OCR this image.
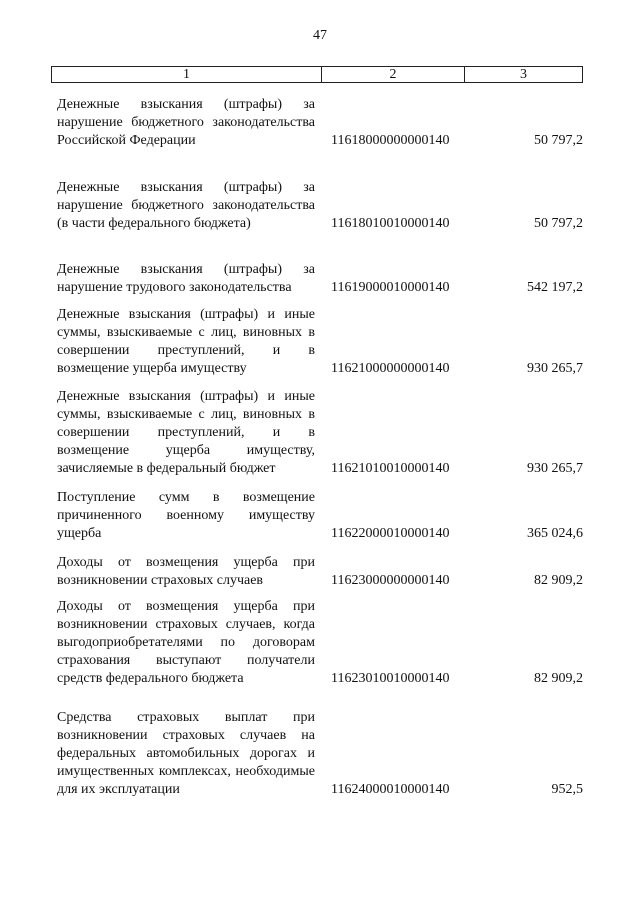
47
1	2	3
Денежные взыскания (штрафы) за нарушение бюджетного законодательства Российской Федерации	11618000000000140	50 797,2
Денежные взыскания (штрафы) за нарушение бюджетного законодательства (в части федерального бюджета)	11618010010000140	50 797,2
Денежные взыскания (штрафы) за нарушение трудового законодательства	11619000010000140	542 197,2
Денежные взыскания (штрафы) и иные суммы, взыскиваемые с лиц, виновных в совершении преступлений, и в возмещение ущерба имуществу	11621000000000140	930 265,7
Денежные взыскания (штрафы) и иные суммы, взыскиваемые с лиц, виновных в совершении преступлений, и в возмещение ущерба имуществу, зачисляемые в федеральный бюджет	11621010010000140	930 265,7
Поступление сумм в возмещение причиненного военному имуществу ущерба	11622000010000140	365 024,6
Доходы от возмещения ущерба при возникновении страховых случаев	11623000000000140	82 909,2
Доходы от возмещения ущерба при возникновении страховых случаев, когда выгодоприобретателями по договорам страхования выступают получатели средств федерального бюджета	11623010010000140	82 909,2
Средства страховых выплат при возникновении страховых случаев на федеральных автомобильных дорогах и имущественных комплексах, необходимые для их эксплуатации	11624000010000140	952,5
